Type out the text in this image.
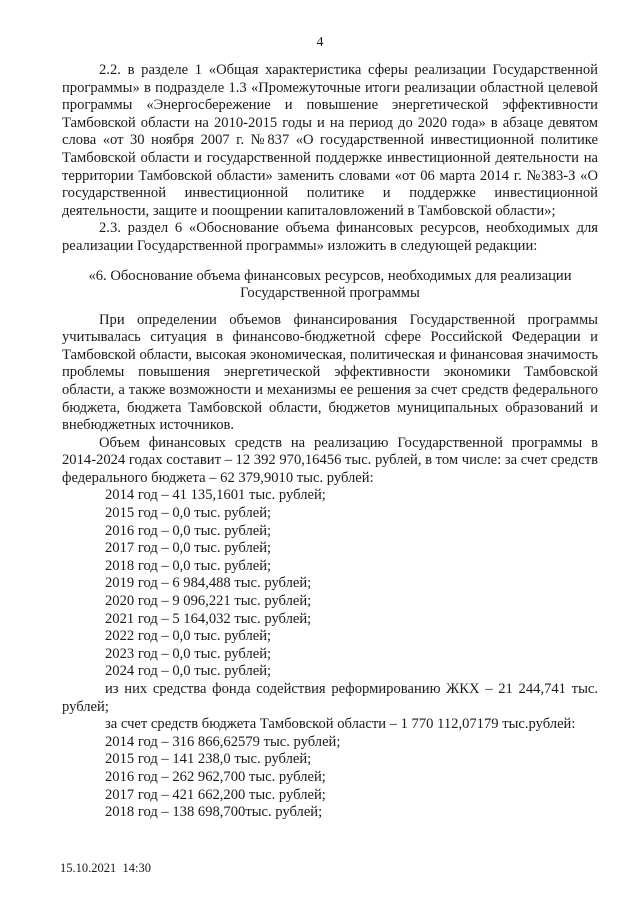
4

2.2. в разделе 1 «Общая характеристика сферы реализации Государственной программы» в подразделе 1.3 «Промежуточные итоги реализации областной целевой программы «Энергосбережение и повышение энергетической эффективности Тамбовской области на 2010-2015 годы и на период до 2020 года» в абзаце девятом слова «от 30 ноября 2007 г. №837 «О государственной инвестиционной политике Тамбовской области и государственной поддержке инвестиционной деятельности на территории Тамбовской области» заменить словами «от 06 марта 2014 г. №383-З «О государственной инвестиционной политике и поддержке инвестиционной деятельности, защите и поощрении капиталовложений в Тамбовской области»;

2.3. раздел 6 «Обоснование объема финансовых ресурсов, необходимых для реализации Государственной программы» изложить в следующей редакции:

«6. Обоснование объема финансовых ресурсов, необходимых для реализации Государственной программы

При определении объемов финансирования Государственной программы учитывалась ситуация в финансово-бюджетной сфере Российской Федерации и Тамбовской области, высокая экономическая, политическая и финансовая значимость проблемы повышения энергетической эффективности экономики Тамбовской области, а также возможности и механизмы ее решения за счет средств федерального бюджета, бюджета Тамбовской области, бюджетов муниципальных образований и внебюджетных источников.

Объем финансовых средств на реализацию Государственной программы в 2014-2024 годах составит – 12 392 970,16456 тыс. рублей, в том числе: за счет средств федерального бюджета – 62 379,9010 тыс. рублей:

2014 год – 41 135,1601 тыс. рублей;
2015 год – 0,0 тыс. рублей;
2016 год – 0,0 тыс. рублей;
2017 год – 0,0 тыс. рублей;
2018 год – 0,0 тыс. рублей;
2019 год – 6 984,488 тыс. рублей;
2020 год – 9 096,221 тыс. рублей;
2021 год – 5 164,032 тыс. рублей;
2022 год – 0,0 тыс. рублей;
2023 год – 0,0 тыс. рублей;
2024 год – 0,0 тыс. рублей;

из них средства фонда содействия реформированию ЖКХ – 21 244,741 тыс. рублей;

за счет средств бюджета Тамбовской области – 1 770 112,07179 тыс.рублей:

2014 год – 316 866,62579 тыс. рублей;
2015 год – 141 238,0 тыс. рублей;
2016 год – 262 962,700 тыс. рублей;
2017 год – 421 662,200 тыс. рублей;
2018 год – 138 698,700тыс. рублей;
15.10.2021 14:30
